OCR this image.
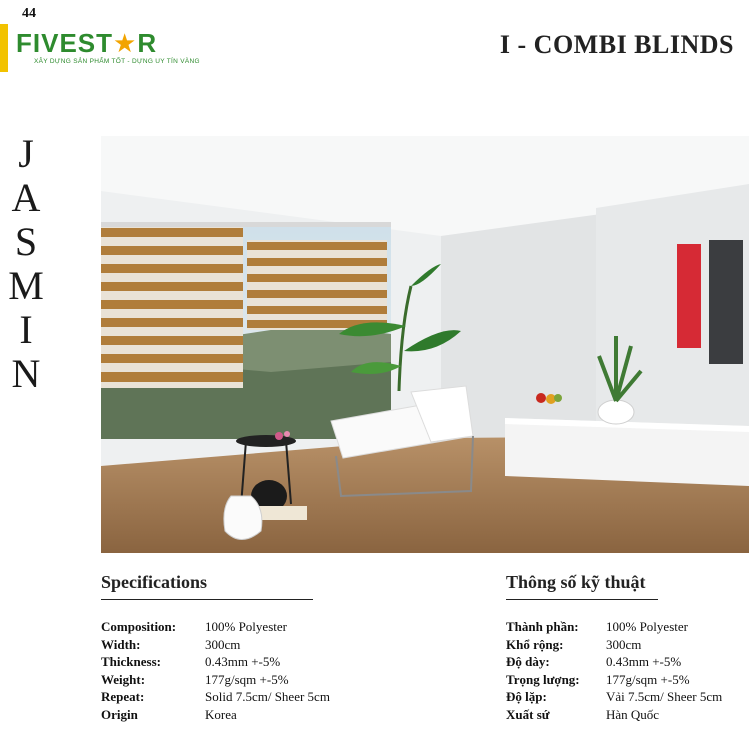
44
FIVEST★R
XÂY DỰNG SẢN PHẨM TỐT - DỰNG UY TÍN VÀNG
I - COMBI BLINDS
J
A
S
M
I
N
Specifications
Composition:	100% Polyester
Width:	300cm
Thickness:	0.43mm +-5%
Weight:	177g/sqm +-5%
Repeat:	Solid 7.5cm/ Sheer 5cm
Origin	Korea
Thông số kỹ thuật
Thành phần:	100% Polyester
Khổ rộng:	300cm
Độ dày:	0.43mm +-5%
Trọng lượng:	177g/sqm +-5%
Độ lặp:	Vải 7.5cm/ Sheer 5cm
Xuất sứ	Hàn Quốc
